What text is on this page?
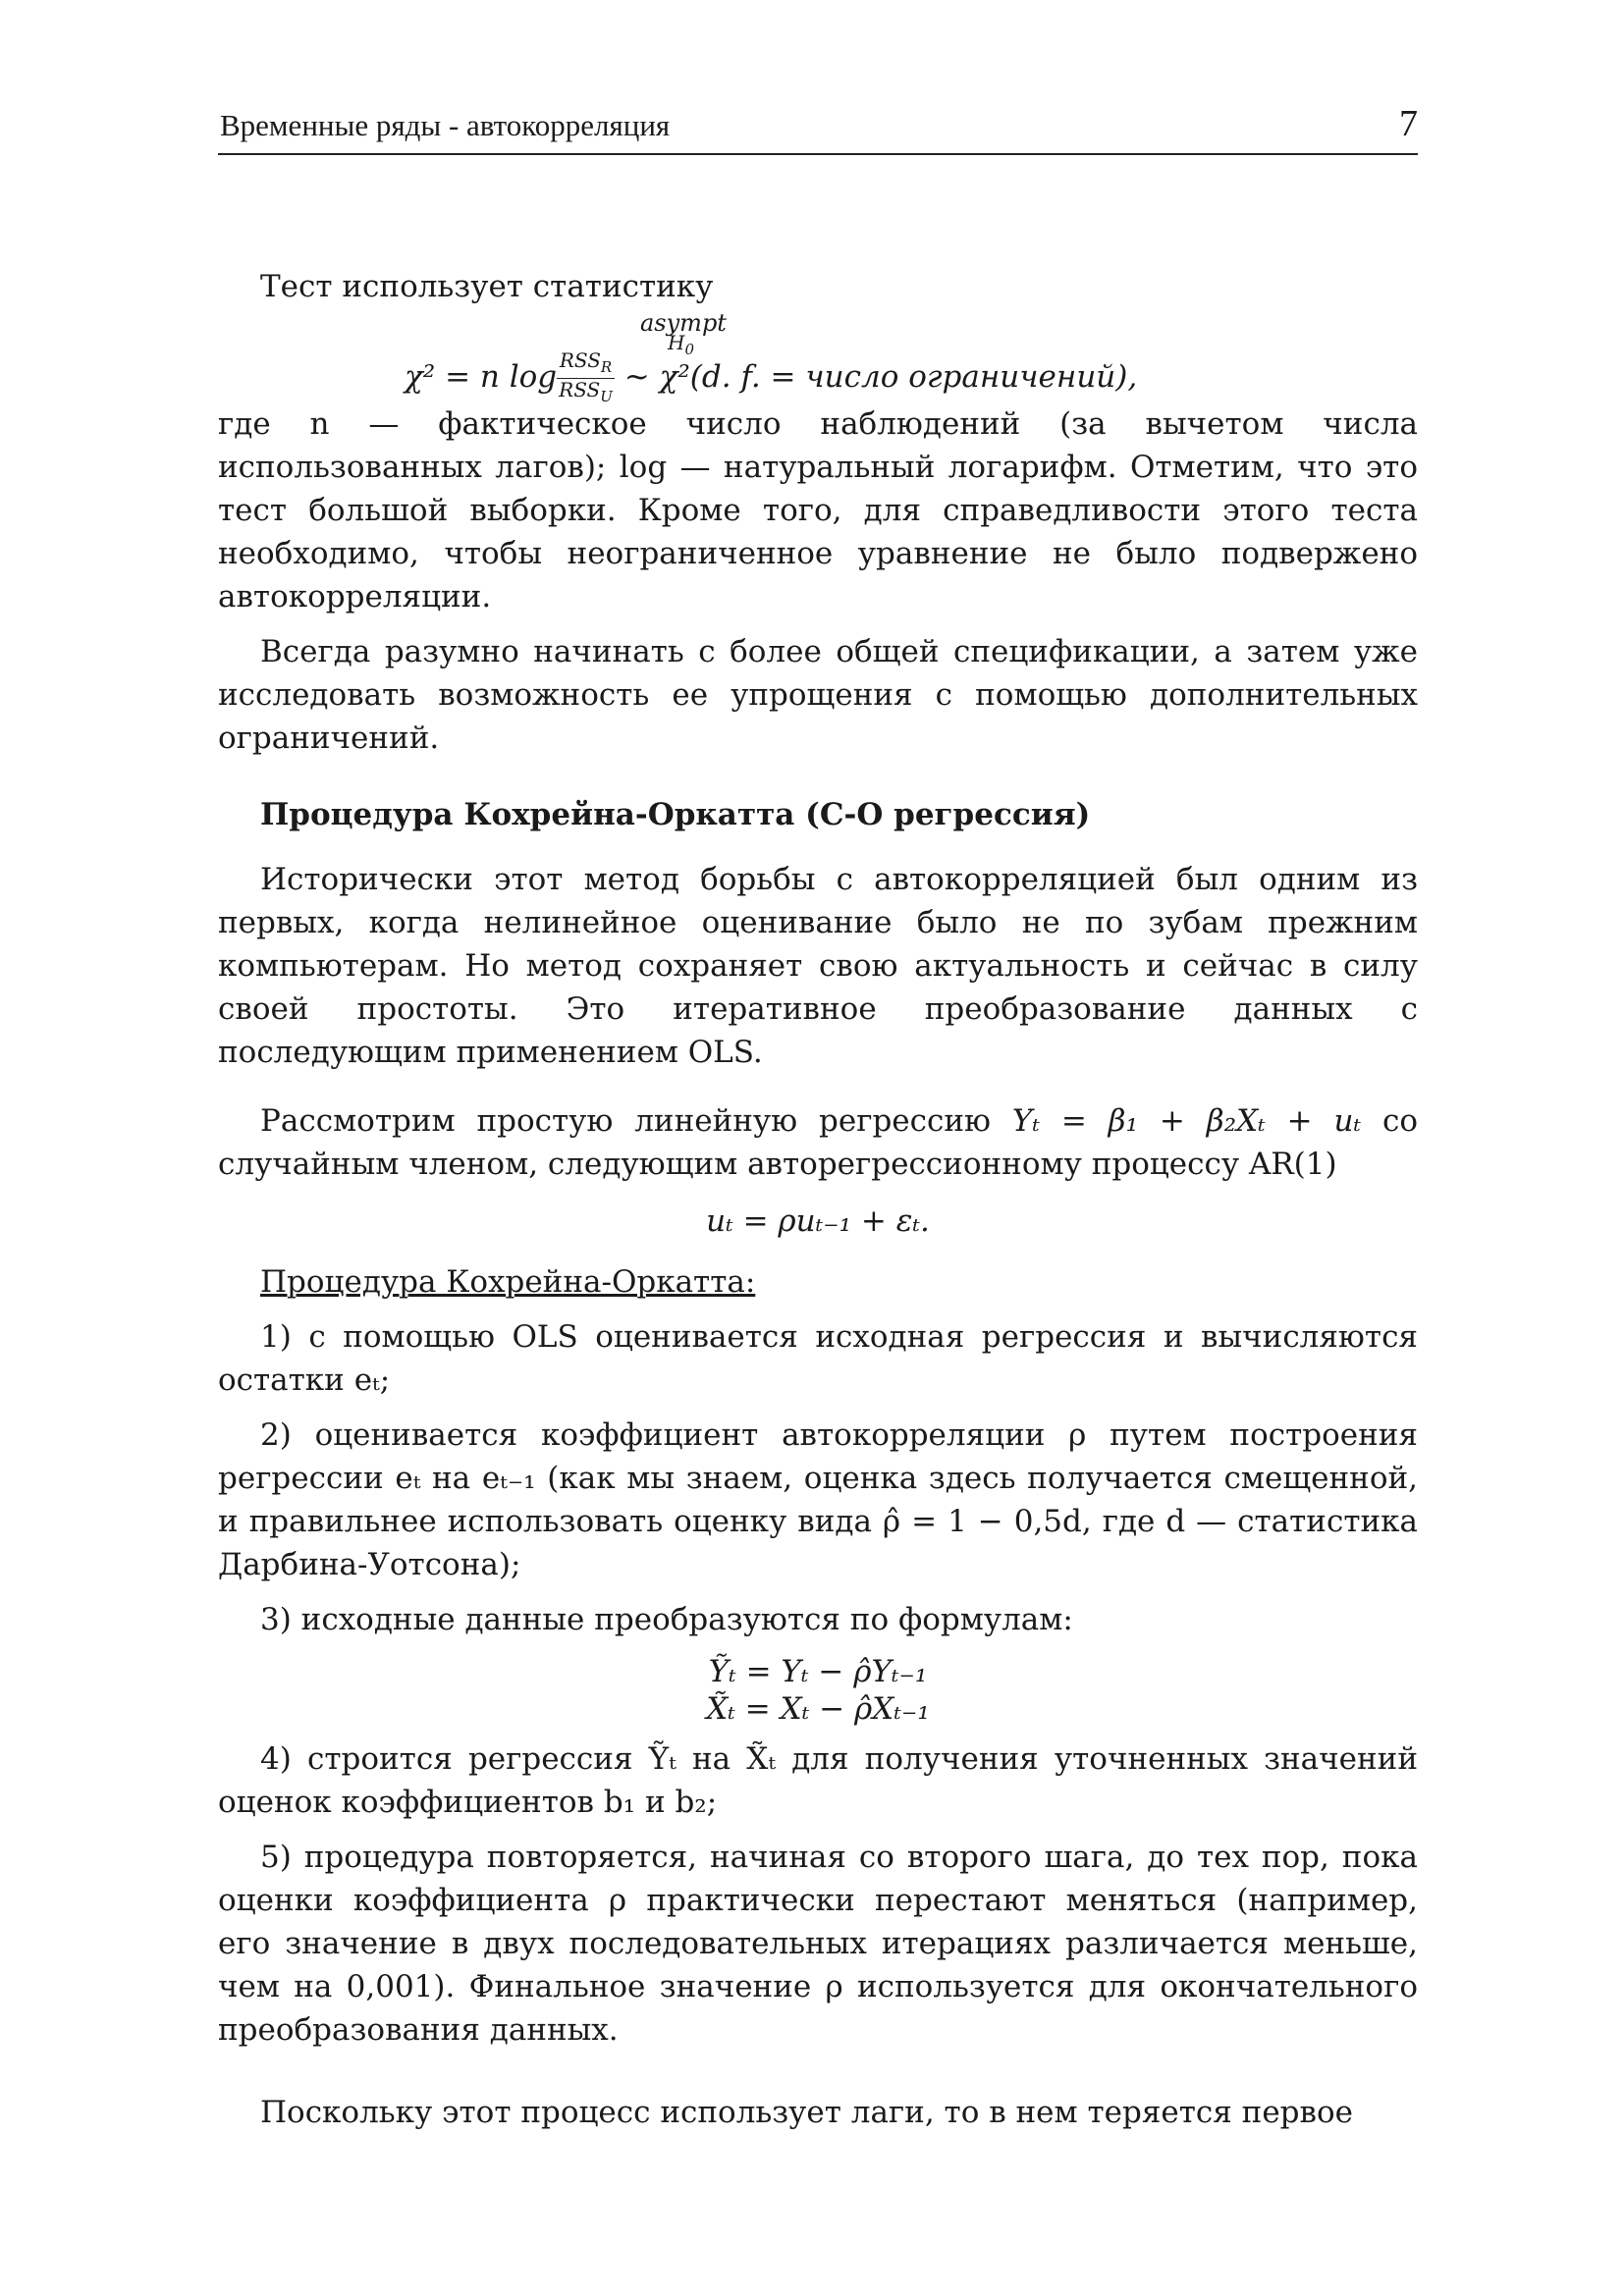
Временные ряды - автокорреляция	7

Тест использует статистику

asympt
$H_0$
χ² = n $\log \frac{RSS_R}{RSS_U}$ ~ χ²(d. f. = число ограничений),

где n — фактическое число наблюдений (за вычетом числа использованных лагов); log — натуральный логарифм. Отметим, что это тест большой выборки. Кроме того, для справедливости этого теста необходимо, чтобы неограниченное уравнение не было подвержено автокорреляции.

Всегда разумно начинать с более общей спецификации, а затем уже исследовать возможность ее упрощения с помощью дополнительных ограничений.

Процедура Кохрейна-Оркатта (C-O регрессия)

Исторически этот метод борьбы с автокорреляцией был одним из первых, когда нелинейное оценивание было не по зубам прежним компьютерам. Но метод сохраняет свою актуальность и сейчас в силу своей простоты. Это итеративное преобразование данных с последующим применением OLS.

Рассмотрим простую линейную регрессию Yₜ = β₁ + β₂Xₜ + uₜ со случайным членом, следующим авторегрессионному процессу AR(1)

uₜ = ρuₜ₋₁ + εₜ.

Процедура Кохрейна-Оркатта:

1) с помощью OLS оценивается исходная регрессия и вычисляются остатки eₜ;

2) оценивается коэффициент автокорреляции ρ путем построения регрессии eₜ на eₜ₋₁ (как мы знаем, оценка здесь получается смещенной, и правильнее использовать оценку вида ρ̂ = 1 − 0,5d, где d — статистика Дарбина-Уотсона);

3) исходные данные преобразуются по формулам:

Ỹₜ = Yₜ − ρ̂Yₜ₋₁
X̃ₜ = Xₜ − ρ̂Xₜ₋₁

4) строится регрессия Ỹₜ на X̃ₜ для получения уточненных значений оценок коэффициентов b₁ и b₂;

5) процедура повторяется, начиная со второго шага, до тех пор, пока оценки коэффициента ρ практически перестают меняться (например, его значение в двух последовательных итерациях различается меньше, чем на 0,001). Финальное значение ρ используется для окончательного преобразования данных.

Поскольку этот процесс использует лаги, то в нем теряется первое
